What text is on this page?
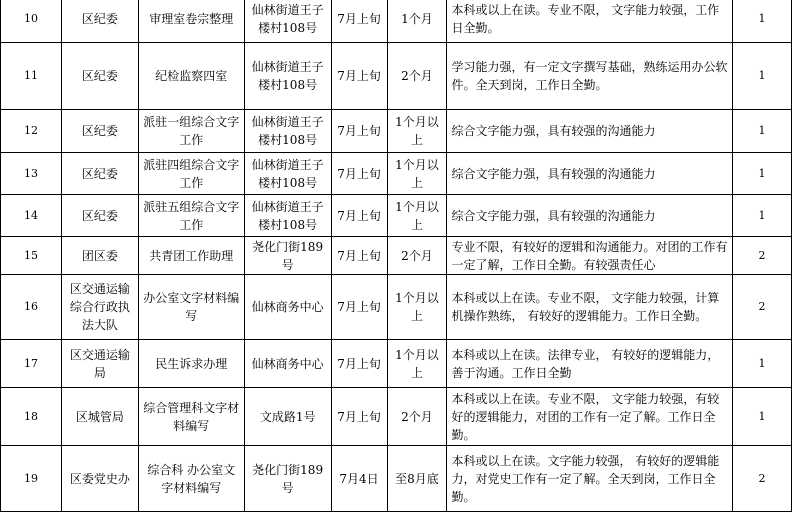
10	区纪委	审理室卷宗整理	仙林街道王子楼村108号	7月上旬	1个月	本科或以上在读。专业不限， 文字能力较强，工作日全勤。	1
11	区纪委	纪检监察四室	仙林街道王子楼村108号	7月上旬	2个月	学习能力强，有一定文字撰写基础，熟练运用办公软件。全天到岗，工作日全勤。	1
12	区纪委	派驻一组综合文字工作	仙林街道王子楼村108号	7月上旬	1个月以上	综合文字能力强，具有较强的沟通能力	1
13	区纪委	派驻四组综合文字工作	仙林街道王子楼村108号	7月上旬	1个月以上	综合文字能力强，具有较强的沟通能力	1
14	区纪委	派驻五组综合文字工作	仙林街道王子楼村108号	7月上旬	1个月以上	综合文字能力强，具有较强的沟通能力	1
15	团区委	共青团工作助理	尧化门街189号	7月上旬	2个月	专业不限，有较好的逻辑和沟通能力。对团的工作有一定了解，工作日全勤。有较强责任心	2
16	区交通运输综合行政执法大队	办公室文字材料编写	仙林商务中心	7月上旬	1个月以上	本科或以上在读。专业不限， 文字能力较强，计算机操作熟练， 有较好的逻辑能力。工作日全勤。	2
17	区交通运输局	民生诉求办理	仙林商务中心	7月上旬	1个月以上	本科或以上在读。法律专业， 有较好的逻辑能力，善于沟通。工作日全勤	1
18	区城管局	综合管理科文字材料编写	文成路1号	7月上旬	2个月	本科或以上在读。专业不限， 文字能力较强，有较好的逻辑能力，对团的工作有一定了解。工作日全勤。	1
19	区委党史办	综合科 办公室文字材料编写	尧化门街189号	7月4日	至8月底	本科或以上在读。文字能力较强， 有较好的逻辑能力，对党史工作有一定了解。全天到岗，工作日全勤。	2
